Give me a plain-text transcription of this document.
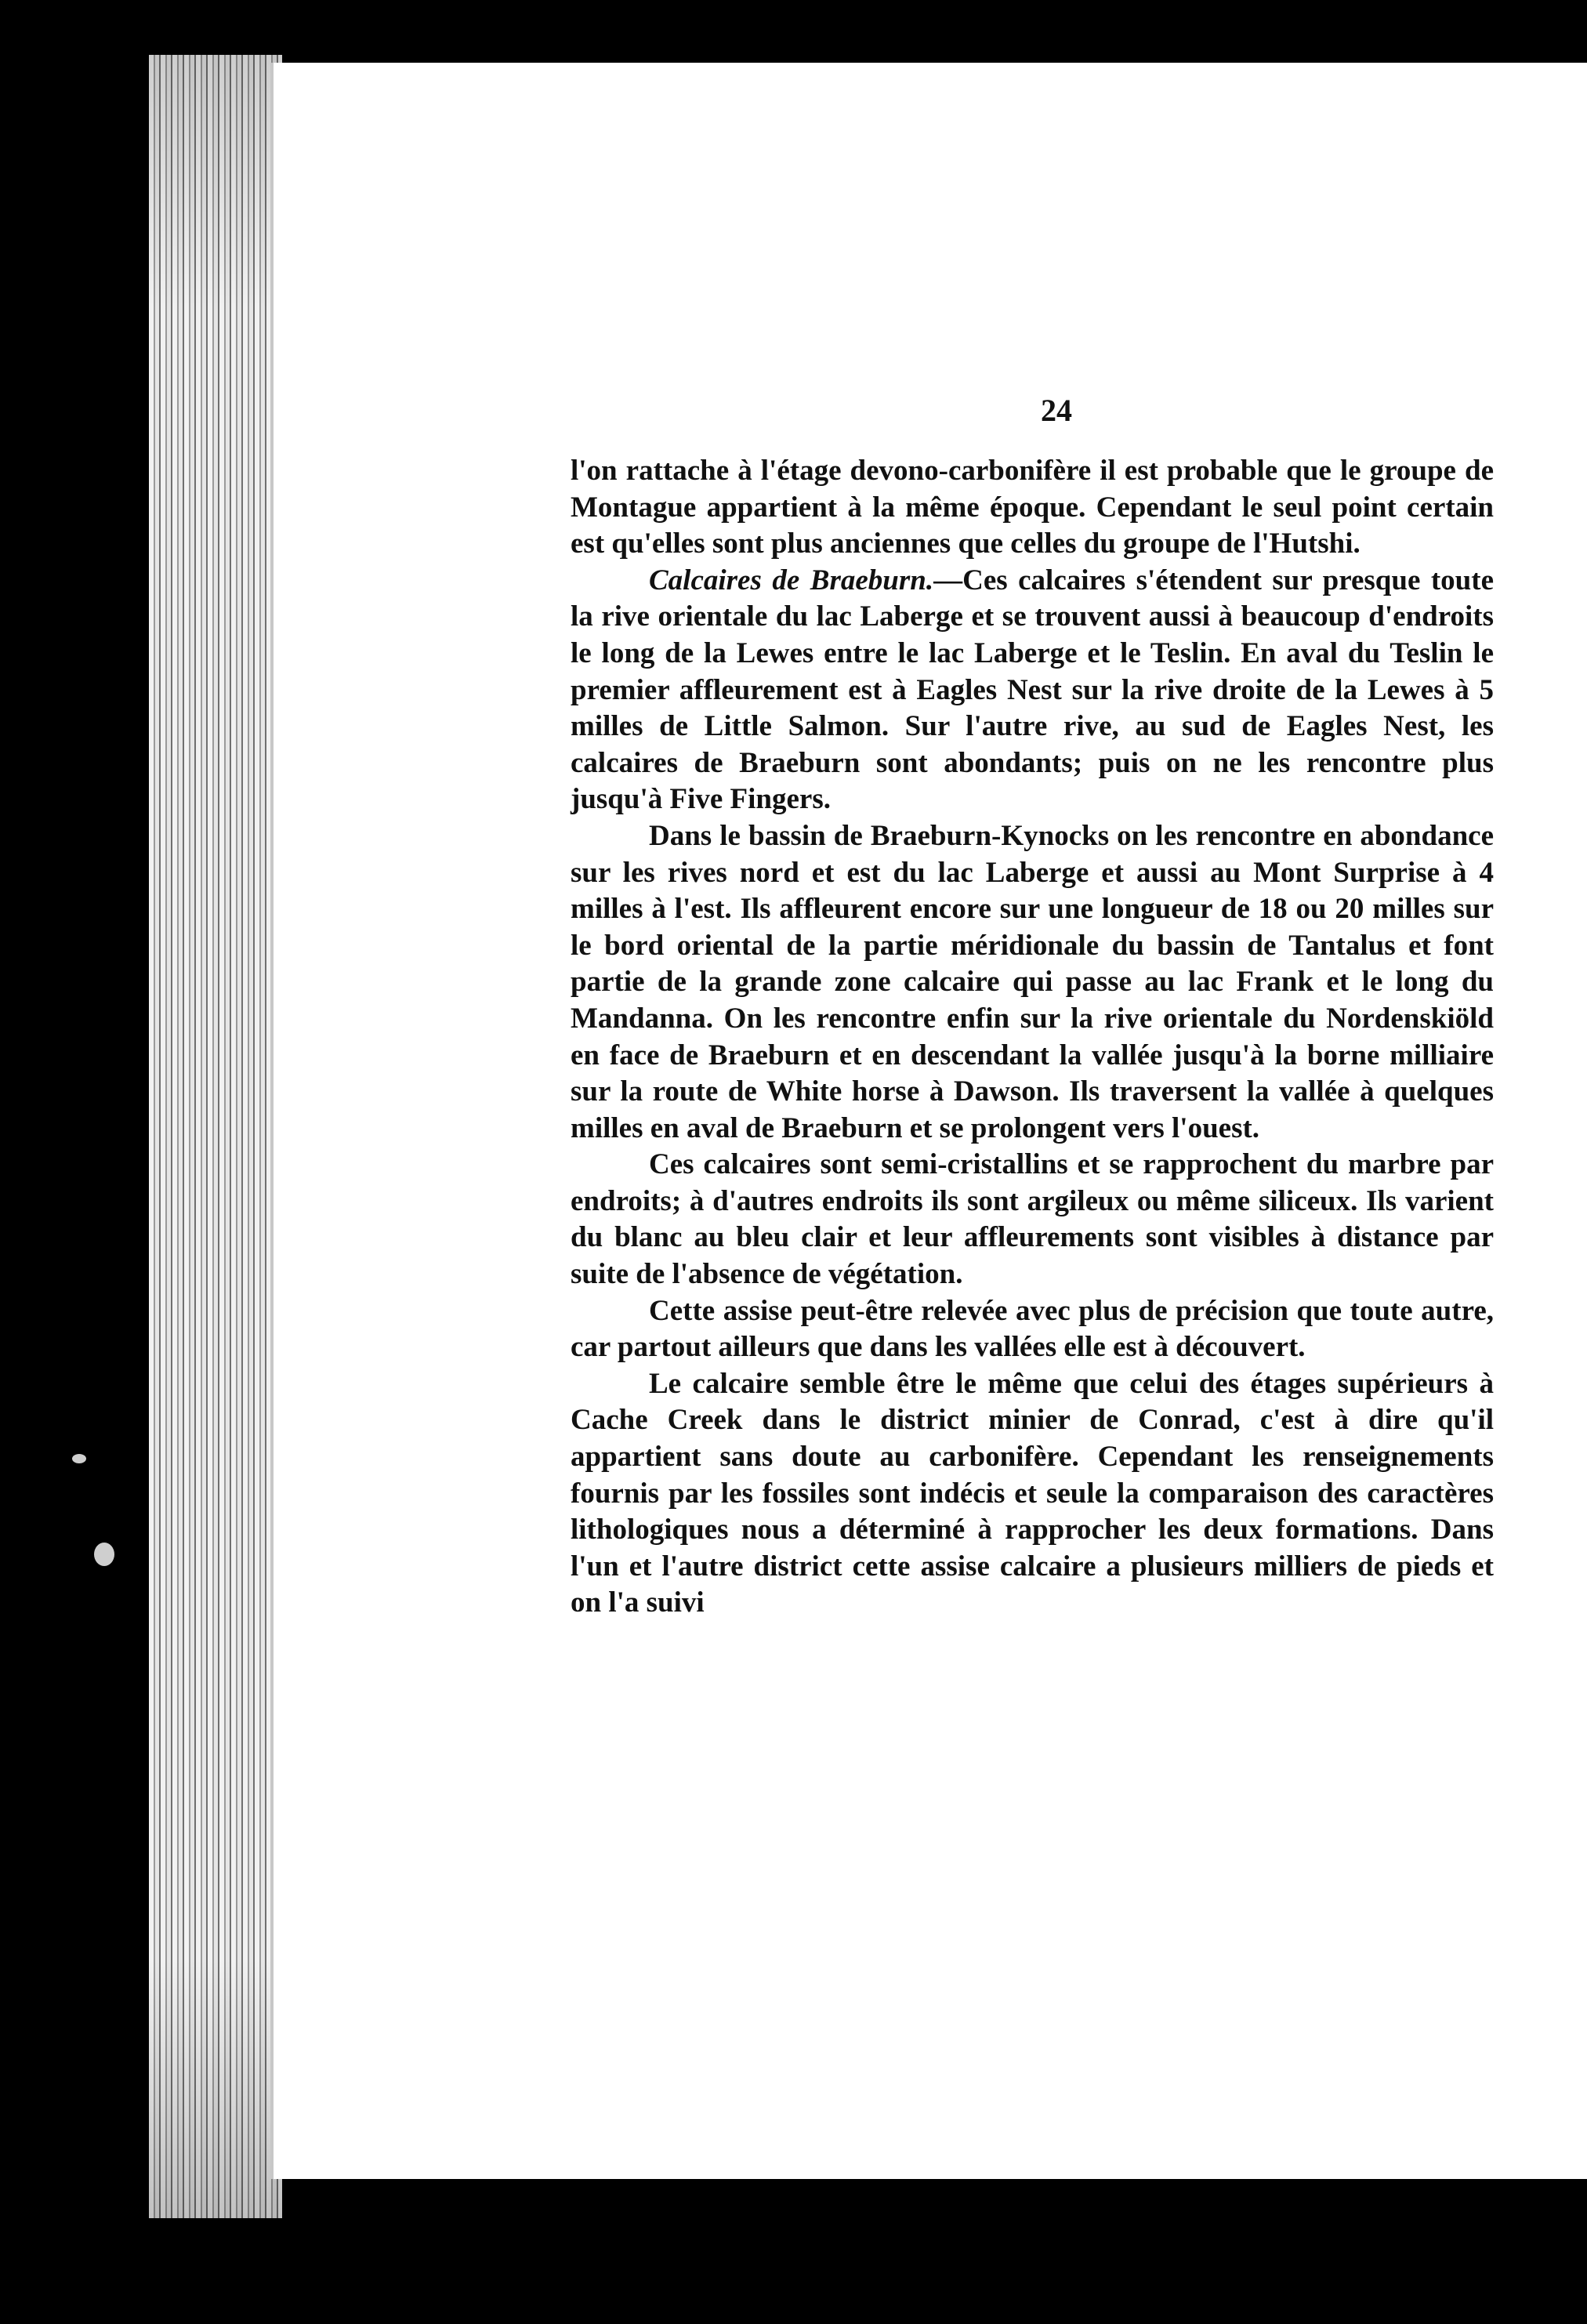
24

l'on rattache à l'étage devono-carbonifère il est probable que le groupe de Montague appartient à la même époque. Cependant le seul point certain est qu'elles sont plus anciennes que celles du groupe de l'Hutshi.

Calcaires de Braeburn.—Ces calcaires s'étendent sur presque toute la rive orientale du lac Laberge et se trouvent aussi à beaucoup d'endroits le long de la Lewes entre le lac Laberge et le Teslin. En aval du Teslin le premier affleurement est à Eagles Nest sur la rive droite de la Lewes à 5 milles de Little Salmon. Sur l'autre rive, au sud de Eagles Nest, les calcaires de Braeburn sont abondants; puis on ne les rencontre plus jusqu'à Five Fingers.

Dans le bassin de Braeburn-Kynocks on les rencontre en abondance sur les rives nord et est du lac Laberge et aussi au Mont Surprise à 4 milles à l'est. Ils affleurent encore sur une longueur de 18 ou 20 milles sur le bord oriental de la partie méridionale du bassin de Tantalus et font partie de la grande zone calcaire qui passe au lac Frank et le long du Mandanna. On les rencontre enfin sur la rive orientale du Nordenskiöld en face de Braeburn et en descendant la vallée jusqu'à la borne milliaire sur la route de White horse à Dawson. Ils traversent la vallée à quelques milles en aval de Braeburn et se prolongent vers l'ouest.

Ces calcaires sont semi-cristallins et se rapprochent du marbre par endroits; à d'autres endroits ils sont argileux ou même siliceux. Ils varient du blanc au bleu clair et leur affleurements sont visibles à distance par suite de l'absence de végétation.

Cette assise peut-être relevée avec plus de précision que toute autre, car partout ailleurs que dans les vallées elle est à découvert.

Le calcaire semble être le même que celui des étages supérieurs à Cache Creek dans le district minier de Conrad, c'est à dire qu'il appartient sans doute au carbonifère. Cependant les renseignements fournis par les fossiles sont indécis et seule la comparaison des caractères lithologiques nous a déterminé à rapprocher les deux formations. Dans l'un et l'autre district cette assise calcaire a plusieurs milliers de pieds et on l'a suivi
